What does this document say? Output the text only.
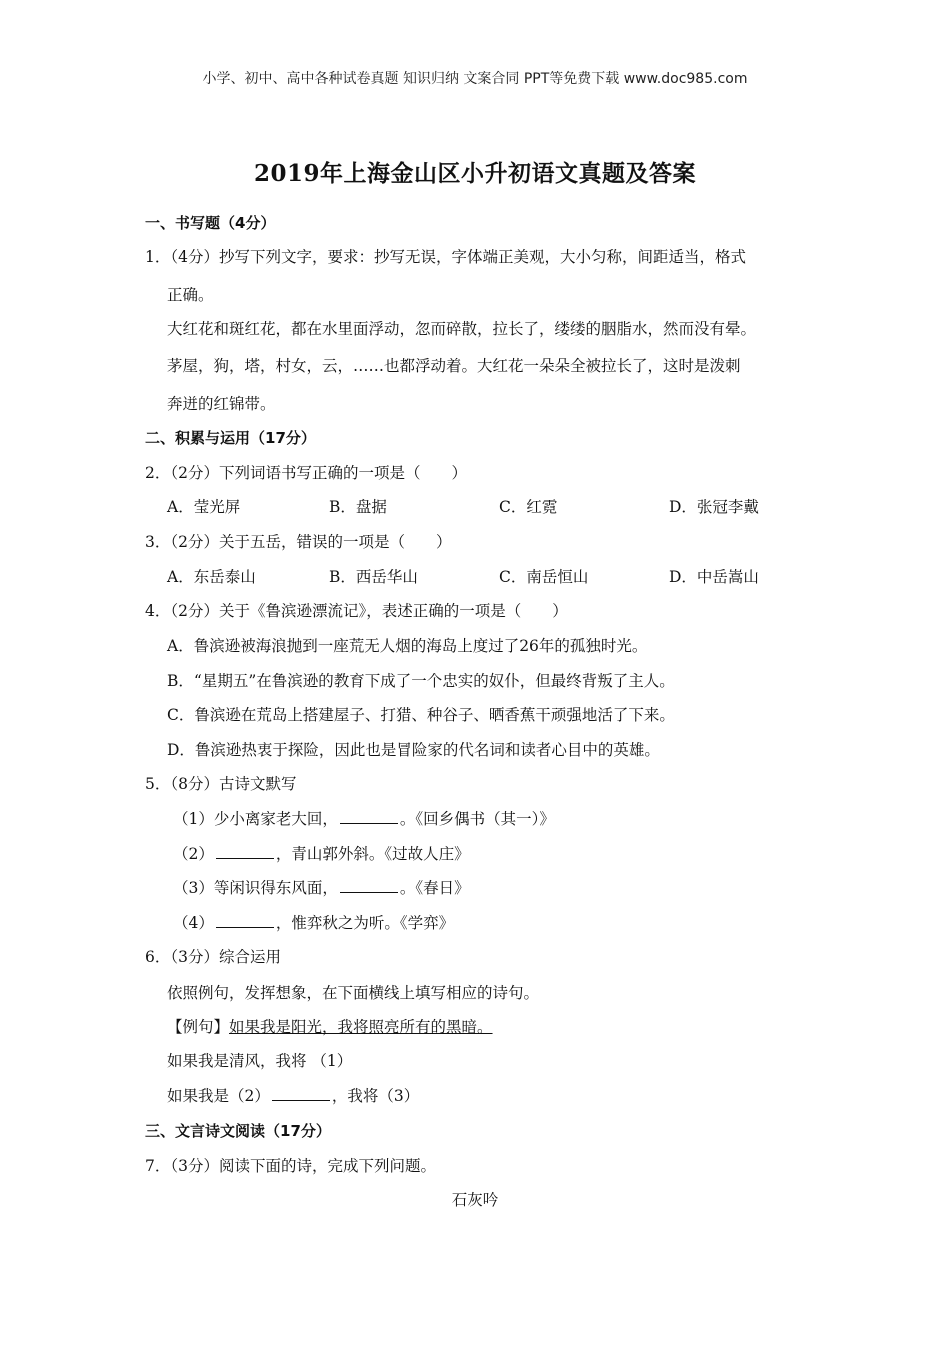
小学、初中、高中各种试卷真题 知识归纳 文案合同 PPT等免费下载 www.doc985.com
2019年上海金山区小升初语文真题及答案
一、书写题（4分）
1．（4分）抄写下列文字，要求：抄写无误，字体端正美观，大小匀称，间距适当，格式
正确。
大红花和斑红花，都在水里面浮动，忽而碎散，拉长了，缕缕的胭脂水，然而没有晕。
茅屋，狗，塔，村女，云，……也都浮动着。大红花一朵朵全被拉长了，这时是泼刺
奔迸的红锦带。
二、积累与运用（17分）
2．（2分）下列词语书写正确的一项是（　　）
A．莹光屏	B．盘据	C．红霓	D．张冠李戴
3．（2分）关于五岳，错误的一项是（　　）
A．东岳泰山	B．西岳华山	C．南岳恒山	D．中岳嵩山
4．（2分）关于《鲁滨逊漂流记》，表述正确的一项是（　　）
A．鲁滨逊被海浪抛到一座荒无人烟的海岛上度过了26年的孤独时光。
B．“星期五”在鲁滨逊的教育下成了一个忠实的奴仆，但最终背叛了主人。
C．鲁滨逊在荒岛上搭建屋子、打猎、种谷子、晒香蕉干顽强地活了下来。
D．鲁滨逊热衷于探险，因此也是冒险家的代名词和读者心目中的英雄。
5．（8分）古诗文默写
（1）少小离家老大回，	。《回乡偶书（其一）》
（2）	，青山郭外斜。《过故人庄》
（3）等闲识得东风面，	。《春日》
（4）	，惟弈秋之为听。《学弈》
6．（3分）综合运用
依照例句，发挥想象，在下面横线上填写相应的诗句。
【例句】如果我是阳光，我将照亮所有的黑暗。
如果我是清风，我将 （1）
如果我是（2）	，我将（3）
三、文言诗文阅读（17分）
7．（3分）阅读下面的诗，完成下列问题。
石灰吟
